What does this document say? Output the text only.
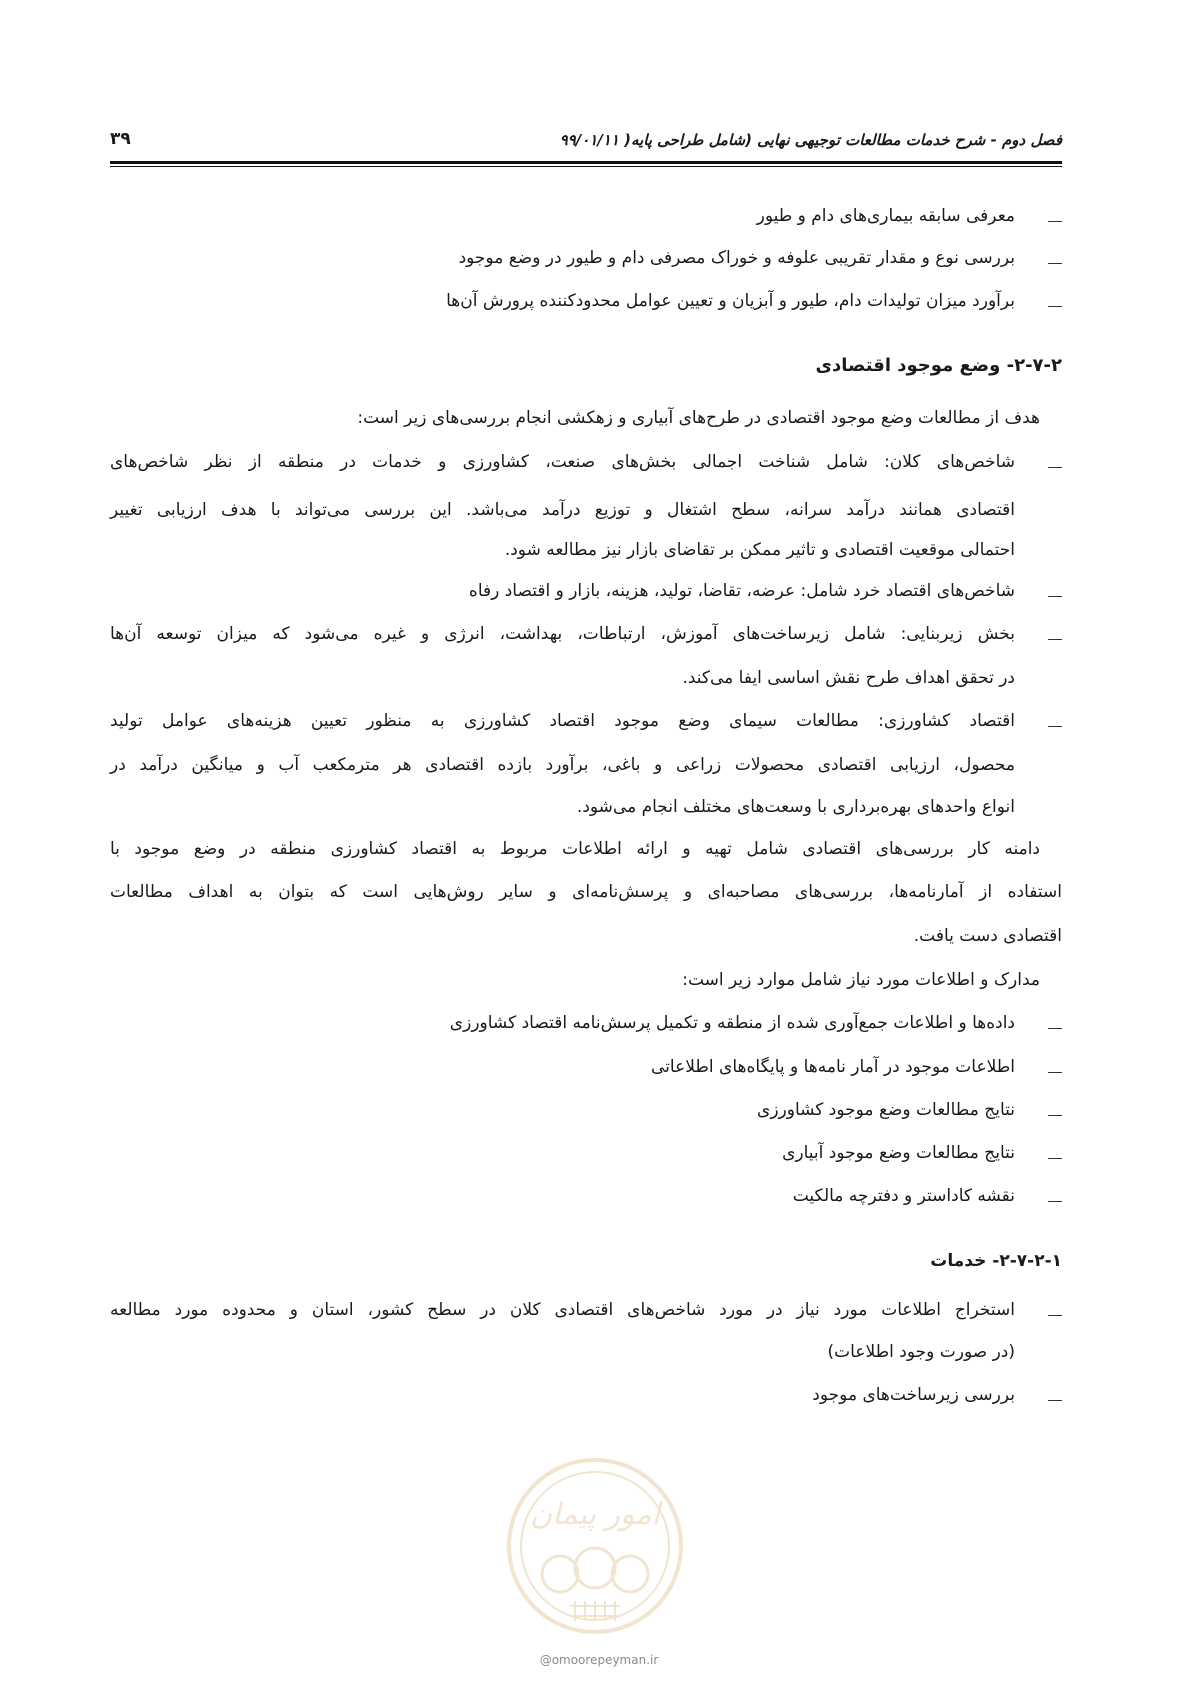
فصل دوم - شرح خدمات مطالعات توجیهی نهایی (شامل طراحی پایه( ۹۹/۰۱/۱۱
۳۹
معرفی سابقه بیماری‌های دام و طیور
بررسی نوع و مقدار تقریبی علوفه و خوراک مصرفی دام و طیور در وضع موجود
برآورد میزان تولیدات دام، طیور و آبزیان و تعیین عوامل محدودکننده پرورش آن‌ها
۲-۷-۲- وضع موجود اقتصادی
هدف از مطالعات وضع موجود اقتصادی در طرح‌های آبیاری و زهکشی انجام بررسی‌های زیر است:
شاخص‌های کلان: شامل شناخت اجمالی بخش‌های صنعت، کشاورزی و خدمات در منطقه از نظر شاخص‌های
اقتصادی همانند درآمد سرانه، سطح اشتغال و توزیع درآمد می‌باشد. این بررسی می‌تواند با هدف ارزیابی تغییر
احتمالی موقعیت اقتصادی و تاثیر ممکن بر تقاضای بازار نیز مطالعه شود.
شاخص‌های اقتصاد خرد شامل: عرضه، تقاضا، تولید، هزینه، بازار و اقتصاد رفاه
بخش زیربنایی: شامل زیرساخت‌های آموزش، ارتباطات، بهداشت، انرژی و غیره می‌شود که میزان توسعه آن‌ها
در تحقق اهداف طرح نقش اساسی ایفا می‌کند.
اقتصاد کشاورزی: مطالعات سیمای وضع موجود اقتصاد کشاورزی به منظور تعیین هزینه‌های عوامل تولید
محصول، ارزیابی اقتصادی محصولات زراعی و باغی، برآورد بازده اقتصادی هر مترمکعب آب و میانگین درآمد در
انواع واحدهای بهره‌برداری با وسعت‌های مختلف انجام می‌شود.
دامنه کار بررسی‌های اقتصادی شامل تهیه و ارائه اطلاعات مربوط به اقتصاد کشاورزی منطقه در وضع موجود با
استفاده از آمارنامه‌ها، بررسی‌های مصاحبه‌ای و پرسش‌نامه‌ای و سایر روش‌هایی است که بتوان به اهداف مطالعات
اقتصادی دست یافت.
مدارک و اطلاعات مورد نیاز شامل موارد زیر است:
داده‌ها و اطلاعات جمع‌آوری شده از منطقه و تکمیل پرسش‌نامه اقتصاد کشاورزی
اطلاعات موجود در آمار نامه‌ها و پایگاه‌های اطلاعاتی
نتایج مطالعات وضع موجود کشاورزی
نتایج مطالعات وضع موجود آبیاری
نقشه کاداستر و دفترچه مالکیت
۲-۷-۲-۱- خدمات
استخراج اطلاعات مورد نیاز در مورد شاخص‌های اقتصادی کلان در سطح کشور، استان و محدوده مورد مطالعه
(در صورت وجود اطلاعات)
بررسی زیرساخت‌های موجود
امور پیمان
@omoorepeyman.ir
